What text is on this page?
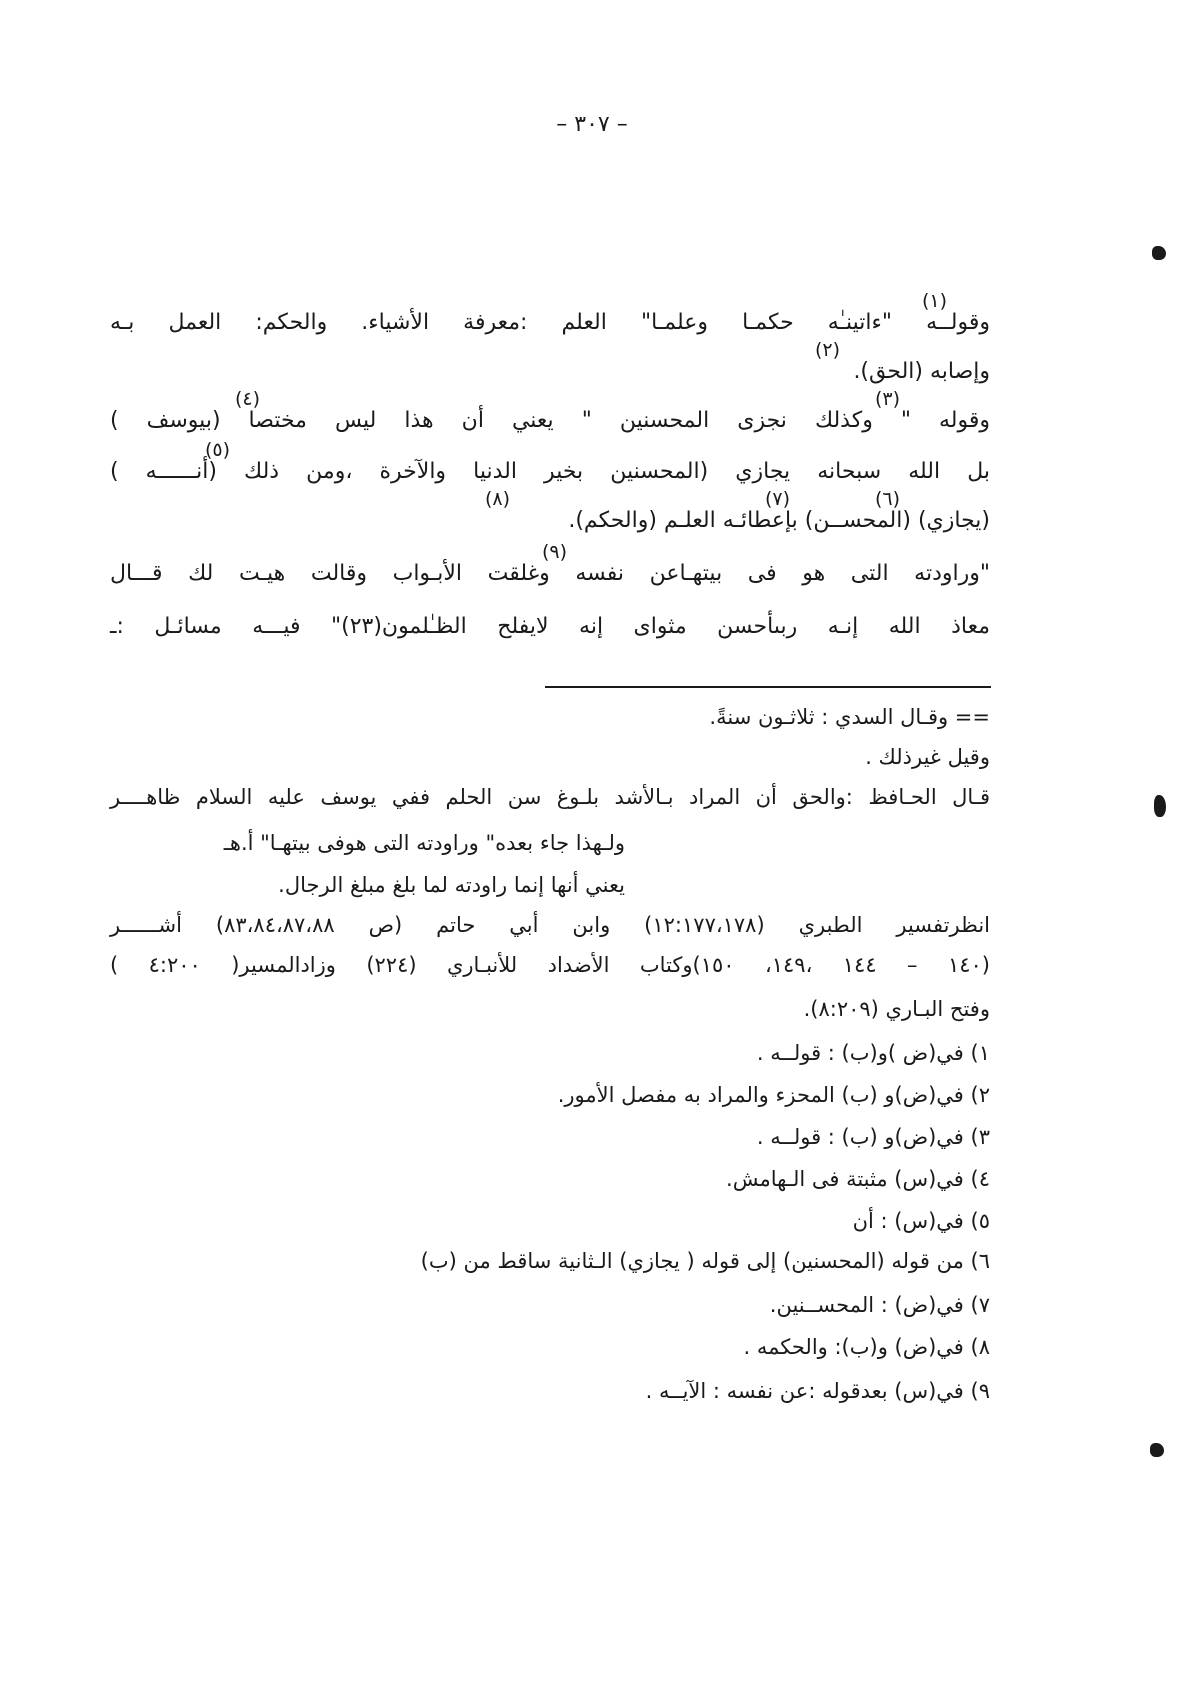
– ٣٠٧ –
(١)
وقولــه "ءاتينـٰه حكمـا وعلمـا" العلم :معرفة الأشياء. والحكم: العمل بـه
(٢)
وإصابه (الحق).
(٤)	(٣)
وقوله " وكذلك نجزى المحسنين " يعني أن هذا ليس مختصا (بيوسف )
(٥)
بل الله سبحانه يجازي (المحسنين بخير الدنيا والآخرة ،ومن ذلك (أنــــــه )
(٨)	(٧)	(٦)
(يجازي) (المحســن) بإعطائـه العلـم (والحكم).
(٩)
"وراودته التى هو فى بيتهـاعن نفسه وغلقت الأبـواب وقالت هيـت لك قـــال
معاذ الله إنـه ربىأحسن مثواى إنه لايفلح الظـٰلمون(٢٣)" فيـــه مسائـل :ـ
== وقـال السدي : ثلاثـون سنةً.
وقيل غيرذلك .
قـال الحـافظ :والحق أن المراد بـالأشد بلـوغ سن الحلم ففي يوسف عليه السلام ظاهــــر
ولـهذا جاء بعده" وراودته التى هوفى بيتهـا" أ.هـ
يعني أنها إنما راودته لما بلغ مبلغ الرجال.
انظرتفسير الطبري (١٢:١٧٧،١٧٨) وابن أبي حاتم (ص ٨٣،٨٤،٨٧،٨٨) أشــــــر
(١٤٠ – ١٤٤ ،١٤٩، ١٥٠)وكتاب الأضداد للأنبـاري (٢٢٤) وزادالمسير( ٤:٢٠٠ )
وفتح البـاري (٨:٢٠٩).
١) في(ض )و(ب) : قولــه .
٢) في(ض)و (ب) المحزء والمراد به مفصل الأمور.
٣) في(ض)و (ب) : قولــه .
٤) في(س) مثبتة فى الـهامش.
٥) في(س) : أن
٦) من قوله (المحسنين) إلى قوله ( يجازي) الـثانية ساقط من (ب)
٧) في(ض) : المحســنين.
٨) في(ض) و(ب): والحكمه .
٩) في(س) بعدقوله :عن نفسه : الآيــه .
